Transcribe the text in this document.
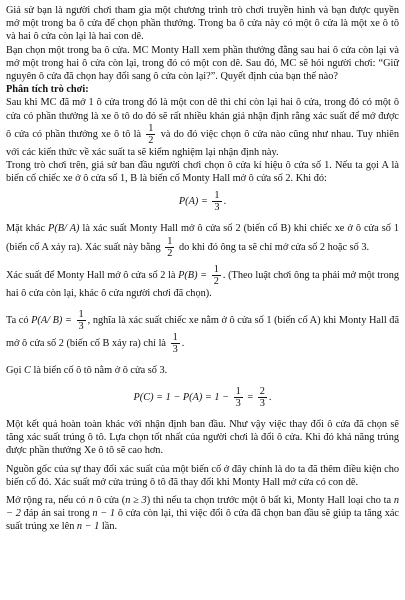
Giả sử bạn là người chơi tham gia một chương trình trò chơi truyền hình và bạn được quyền mở một trong ba ô cửa để chọn phần thưởng. Trong ba ô cửa này có một ô cửa là một xe ô tô và hai ô cửa còn lại là hai con dê.

Bạn chọn một trong ba ô cửa. MC Monty Hall xem phần thưởng đằng sau hai ô cửa còn lại và mở một trong hai ô cửa còn lại, trong đó có một con dê. Sau đó, MC sẽ hỏi người chơi: “Giữ nguyên ô cửa đã chọn hay đổi sang ô cửa còn lại?”. Quyết định của bạn thế nào?

Phân tích trò chơi:

Sau khi MC đã mở 1 ô cửa trong đó là một con dê thì chỉ còn lại hai ô cửa, trong đó có một ô cửa có phần thưởng là xe ô tô do đó sẽ rất nhiều khán giả nhận định rằng xác suất để mở được ô cửa có phần thưởng xe ô tô là $\frac{1}{2}$ và do đó việc chọn ô cửa nào cũng như nhau. Tuy nhiên với các kiến thức về xác suất ta sẽ kiểm nghiệm lại nhận định này.

Trong trò chơi trên, giả sử ban đầu người chơi chọn ô cửa kí hiệu ô cửa số 1. Nếu ta gọi A là biến cố chiếc xe ở ô cửa số 1, B là biến cố Monty Hall mở ô cửa số 2. Khi đó:

$P(A) = \frac{1}{3}$ .

Mặt khác P(B/ A) là xác suất Monty Hall mở ô cửa số 2 (biến cố B) khi chiếc xe ở ô cửa số 1 (biến cố A xảy ra). Xác suất này bằng $\frac{1}{2}$ do khi đó ông ta sẽ chỉ mở cửa số 2 hoặc số 3.

Xác suất để Monty Hall mở ô cửa số 2 là $P(B) = \frac{1}{2}$ . (Theo luật chơi ông ta phải mở một trong hai ô cửa còn lại, khác ô cửa người chơi đã chọn).

Ta có P(A/ $B) = \frac{1}{3}$ , nghĩa là xác suất chiếc xe nằm ở ô cửa số 1 (biến cố A) khi Monty Hall đã mở ô cửa số 2 (biến cố B xảy ra) chỉ là $\frac{1}{3}$ .

Gọi C là biến cố ô tô nằm ở ô cửa số 3.

$P(C) = 1 - P(A) = 1 - \frac{1}{3} = \frac{2}{3}$ .

Một kết quả hoàn toàn khác với nhận định ban đầu. Như vậy việc thay đổi ô cửa đã chọn sẽ tăng xác suất trúng ô tô. Lựa chọn tốt nhất của người chơi là đổi ô cửa. Khi đó khả năng trúng được phần thưởng Xe ô tô sẽ cao hơn.

Nguồn gốc của sự thay đổi xác suất của một biến cố ở đây chính là do ta đã thêm điều kiện cho biến cố đó. Xác suất mở cửa trúng ô tô đã thay đổi khi Monty Hall mở cửa có con dê.

Mở rộng ra, nếu có n ô cửa (n ≥ 3) thì nếu ta chọn trước một ô bất kì, Monty Hall loại cho ta n − 2 đáp án sai trong n − 1 ô cửa còn lại, thì việc đổi ô cửa đã chọn ban đầu sẽ giúp ta tăng xác suất trúng xe lên n − 1 lần.
